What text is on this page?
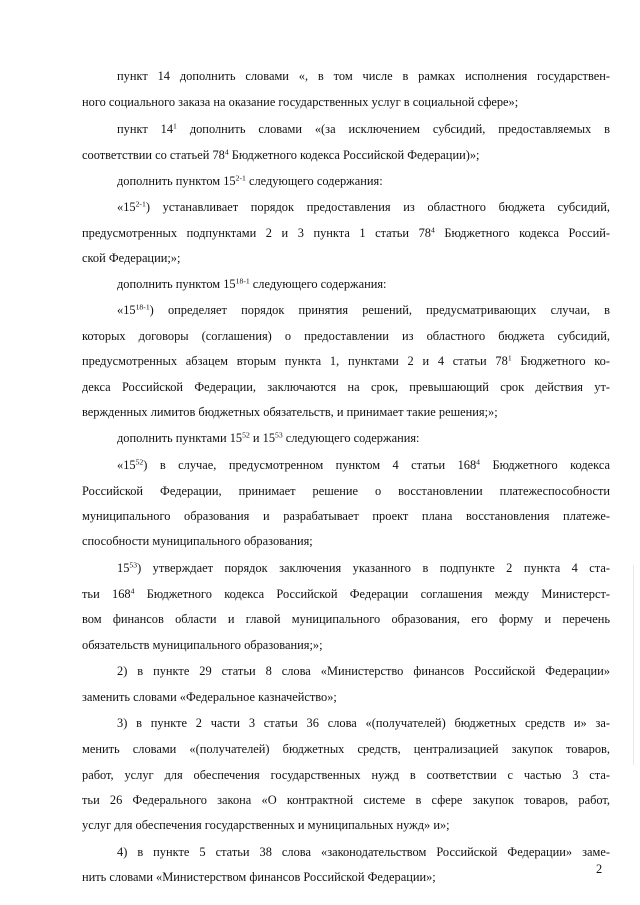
пункт 14 дополнить словами «, в том числе в рамках исполнения государствен-
ного социального заказа на оказание государственных услуг в социальной сфере»;
пункт $14^1$ дополнить словами «(за исключением субсидий, предоставляемых в
соответствии со статьей $78^4$ Бюджетного кодекса Российской Федерации)»;
дополнить пунктом 15$^{2-1}$ следующего содержания:
«15$^{2-1}$) устанавливает порядок предоставления из областного бюджета субсидий,
предусмотренных подпунктами 2 и 3 пункта 1 статьи $78^4$ Бюджетного кодекса Россий-
ской Федерации;»;
дополнить пунктом 15$^{18-1}$ следующего содержания:
«15$^{18-1}$) определяет порядок принятия решений, предусматривающих случаи, в
которых договоры (соглашения) о предоставлении из областного бюджета субсидий,
предусмотренных абзацем вторым пункта 1, пунктами 2 и 4 статьи $78^1$ Бюджетного ко-
декса Российской Федерации, заключаются на срок, превышающий срок действия ут-
вержденных лимитов бюджетных обязательств, и принимает такие решения;»;
дополнить пунктами $15^{52}$ и $15^{53}$ следующего содержания:
«$15^{52}$) в случае, предусмотренном пунктом 4 статьи $168^4$ Бюджетного кодекса
Российской Федерации, принимает решение о восстановлении платежеспособности
муниципального образования и разрабатывает проект плана восстановления платеже-
способности муниципального образования;
$15^{53}$) утверждает порядок заключения указанного в подпункте 2 пункта 4 ста-
тьи $168^4$ Бюджетного кодекса Российской Федерации соглашения между Министерст-
вом финансов области и главой муниципального образования, его форму и перечень
обязательств муниципального образования;»;
2) в пункте 29 статьи 8 слова «Министерство финансов Российской Федерации»
заменить словами «Федеральное казначейство»;
3) в пункте 2 части 3 статьи 36 слова «(получателей) бюджетных средств и» за-
менить словами «(получателей) бюджетных средств, централизацией закупок товаров,
работ, услуг для обеспечения государственных нужд в соответствии с частью 3 ста-
тьи 26 Федерального закона «О контрактной системе в сфере закупок товаров, работ,
услуг для обеспечения государственных и муниципальных нужд» и»;
4) в пункте 5 статьи 38 слова «законодательством Российской Федерации» заме-
нить словами «Министерством финансов Российской Федерации»;
2
